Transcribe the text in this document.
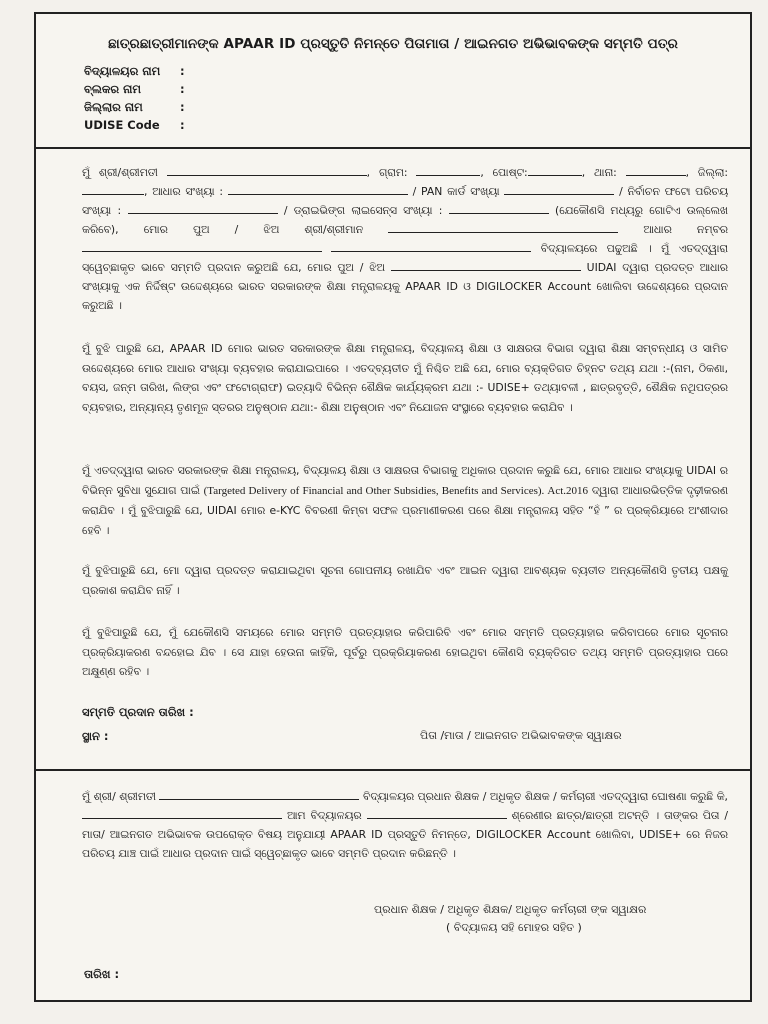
ଛାତ୍ରଛାତ୍ରୀମାନଙ୍କ APAAR ID ପ୍ରସ୍ତୁତି ନିମନ୍ତେ ପିତାମାତା / ଆଇନଗତ ଅଭିଭାବକଙ୍କ ସମ୍ମତି ପତ୍ର
ବିଦ୍ୟାଳୟର ନାମ :
ବ୍ଲକର ନାମ	:
ଜିଲ୍ଲାର ନାମ	:
UDISE Code :

ମୁଁ ଶ୍ରୀ/ଶ୍ରୀମତୀ	, ଗ୍ରାମ:	, ପୋଷ୍ଟ:	, ଥାନା:	, ଜିଲ୍ଲା:, ଆଧାର ସଂଖ୍ୟା :	/ PAN କାର୍ଡ ସଂଖ୍ୟା	/ ନିର୍ବାଚନ ଫଟୋ ପରିଚୟ ସଂଖ୍ୟା :	/ ଡ୍ରାଇଭିଙ୍ଗ ଲାଇସେନ୍ସ ସଂଖ୍ୟା :	(ଯେକୌଣସି ମଧ୍ୟରୁ ଗୋଟିଏ ଉଲ୍ଲେଖ କରିବେ), ମୋର ପୁଅ / ଝିଅ ଶ୍ରୀ/ଶ୍ରୀମାନ	ଆଧାର ନମ୍ବର   ବିଦ୍ୟାଳୟରେ ପଢୁଅଛି । ମୁଁ ଏତଦ୍‌ଦ୍ୱାରା ସ୍ୱେଚ୍ଛାକୃତ ଭାବେ ସମ୍ମତି ପ୍ରଦାନ କରୁଅଛି ଯେ, ମୋର ପୁଅ / ଝିଅ	UIDAI ଦ୍ୱାରା ପ୍ରଦତ୍ତ ଆଧାର ସଂଖ୍ୟାକୁ ଏକ ନିର୍ଦ୍ଦିଷ୍ଟ ଉଦ୍ଦେଶ୍ୟରେ ଭାରତ ସରକାରଙ୍କ ଶିକ୍ଷା ମନ୍ତ୍ରାଳୟକୁ APAAR ID ଓ DIGILOCKER Account ଖୋଲିବା ଉଦ୍ଦେଶ୍ୟରେ ପ୍ରଦାନ କରୁଅଛି ।

ମୁଁ ବୁଝି ପାରୁଛି ଯେ, APAAR ID ମୋର ଭାରତ ସରକାରଙ୍କ ଶିକ୍ଷା ମନ୍ତ୍ରାଳୟ, ବିଦ୍ୟାଳୟ ଶିକ୍ଷା ଓ ସାକ୍ଷରତା ବିଭାଗ ଦ୍ୱାରା ଶିକ୍ଷା ସମ୍ବନ୍ଧୀୟ ଓ ସାମିତ ଉଦ୍ଦେଶ୍ୟରେ ମୋର ଆଧାର ସଂଖ୍ୟା ବ୍ୟବହାର କରାଯାଇପାରେ । ଏତଦ୍‌ବ୍ୟତୀତ ମୁଁ ନିଶ୍ଚିତ ଅଛି ଯେ, ମୋର ବ୍ୟକ୍ତିଗତ ଚିହ୍ନଟ ତଥ୍ୟ ଯଥା :-(ନାମ, ଠିକଣା, ବୟସ, ଜନ୍ମ ତାରିଖ, ଲିଙ୍ଗ ଏବଂ ଫଟୋଗ୍ରାଫ) ଇତ୍ୟାଦି ବିଭିନ୍ନ ଶୈକ୍ଷିକ କାର୍ଯ୍ୟକ୍ରମ ଯଥା :- UDISE+ ତଥ୍ୟାବଳୀ , ଛାତ୍ରବୃତ୍ତି, ଶୈକ୍ଷିକ ନଥିପତ୍ରର ବ୍ୟବହାର, ଅନ୍ୟାନ୍ୟ ତୃଣମୂଳ ସ୍ତରର ଅନୁଷ୍ଠାନ ଯଥା:- ଶିକ୍ଷା ଅନୁଷ୍ଠାନ ଏବଂ ନିଯୋଜନ ସଂସ୍ଥାରେ ବ୍ୟବହାର କରାଯିବ ।

ମୁଁ ଏତଦ୍‌ଦ୍ୱାରା ଭାରତ ସରକାରଙ୍କ ଶିକ୍ଷା ମନ୍ତ୍ରାଳୟ, ବିଦ୍ୟାଳୟ ଶିକ୍ଷା ଓ ସାକ୍ଷରତା ବିଭାଗକୁ ଅଧିକାର ପ୍ରଦାନ କରୁଛି ଯେ, ମୋର ଆଧାର ସଂଖ୍ୟାକୁ UIDAI ର ବିଭିନ୍ନ ସୁବିଧା ସୁଯୋଗ ପାଇଁ (Targeted Delivery of Financial and Other Subsidies, Benefits and Services). Act.2016 ଦ୍ୱାରା ଆଧାରଭିତ୍ତିକ ଦୃଢ଼ୀକରଣ କରାଯିବ । ମୁଁ ବୁଝିପାରୁଛି ଯେ, UIDAI ମୋର e-KYC ବିବରଣୀ କିମ୍ବା ସଫଳ ପ୍ରମାଣୀକରଣ ପରେ ଶିକ୍ଷା ମନ୍ତ୍ରାଳୟ ସହିତ “ହଁ ” ର ପ୍ରକ୍ରିୟାରେ ଅଂଶୀଦାର ହେବି ।

ମୁଁ ବୁଝିପାରୁଛି ଯେ, ମୋ ଦ୍ୱାରା ପ୍ରଦତ୍ତ କରାଯାଇଥିବା ସୂଚନା ଗୋପନୀୟ ରଖାଯିବ ଏବଂ ଆଇନ ଦ୍ୱାରା ଆବଶ୍ୟକ ବ୍ୟତୀତ ଅନ୍ୟକୌଣସି ତୃତୀୟ ପକ୍ଷକୁ ପ୍ରକାଶ କରାଯିବ ନାହିଁ ।

ମୁଁ ବୁଝିପାରୁଛି ଯେ, ମୁଁ ଯେକୌଣସି ସମୟରେ ମୋର ସମ୍ମତି ପ୍ରତ୍ୟାହାର କରିପାରିବି ଏବଂ ମୋର ସମ୍ମତି ପ୍ରତ୍ୟାହାର କରିବାପରେ ମୋର ସୂଚନାର ପ୍ରକ୍ରିୟାକରଣ ବନ୍ଦହୋଇ ଯିବ । ସେ ଯାହା ହେଉନା କାହିଁକି, ପୂର୍ବରୁ ପ୍ରକ୍ରିୟାକରଣ ହୋଇଥିବା କୌଣସି ବ୍ୟକ୍ତିଗତ ତଥ୍ୟ ସମ୍ମତି ପ୍ରତ୍ୟାହାର ପରେ ଅକ୍ଷୁଣ୍ଣ ରହିବ ।

ସମ୍ମତି ପ୍ରଦାନ ତାରିଖ :
ସ୍ଥାନ :	ପିତା /ମାତା / ଆଇନଗତ ଅଭିଭାବକଙ୍କ ସ୍ୱାକ୍ଷର

ମୁଁ ଶ୍ରୀ/ ଶ୍ରୀମତୀ	ବିଦ୍ୟାଳୟର ପ୍ରଧାନ ଶିକ୍ଷକ / ଅଧିକୃତ ଶିକ୍ଷକ / କର୍ମଚାରୀ ଏତଦ୍‌ଦ୍ୱାରା ଘୋଷଣା କରୁଛି କି,  ଆମ ବିଦ୍ୟାଳୟର	ଶ୍ରେଣୀର ଛାତ୍ର/ଛାତ୍ରୀ ଅଟନ୍ତି । ତାଙ୍କର ପିତା / ମାତା/ ଆଇନଗତ ଅଭିଭାବକ ଉପରୋକ୍ତ ବିଷୟ ଅନୁଯାୟୀ APAAR ID ପ୍ରସ୍ତୁତି ନିମନ୍ତେ, DIGILOCKER Account ଖୋଲିବା, UDISE+ ରେ ନିଜର ପରିଚୟ ଯାଞ୍ଚ ପାଇଁ ଆଧାର ପ୍ରଦାନ ପାଇଁ ସ୍ୱେଚ୍ଛାକୃତ ଭାବେ ସମ୍ମତି ପ୍ରଦାନ କରିଛନ୍ତି ।

ପ୍ରଧାନ ଶିକ୍ଷକ / ଅଧିକୃତ ଶିକ୍ଷକ/ ଅଧିକୃତ କର୍ମଚାରୀ ଙ୍କ ସ୍ୱାକ୍ଷର
( ବିଦ୍ୟାଳୟ ସହି ମୋହର ସହିତ )
ତାରିଖ :
